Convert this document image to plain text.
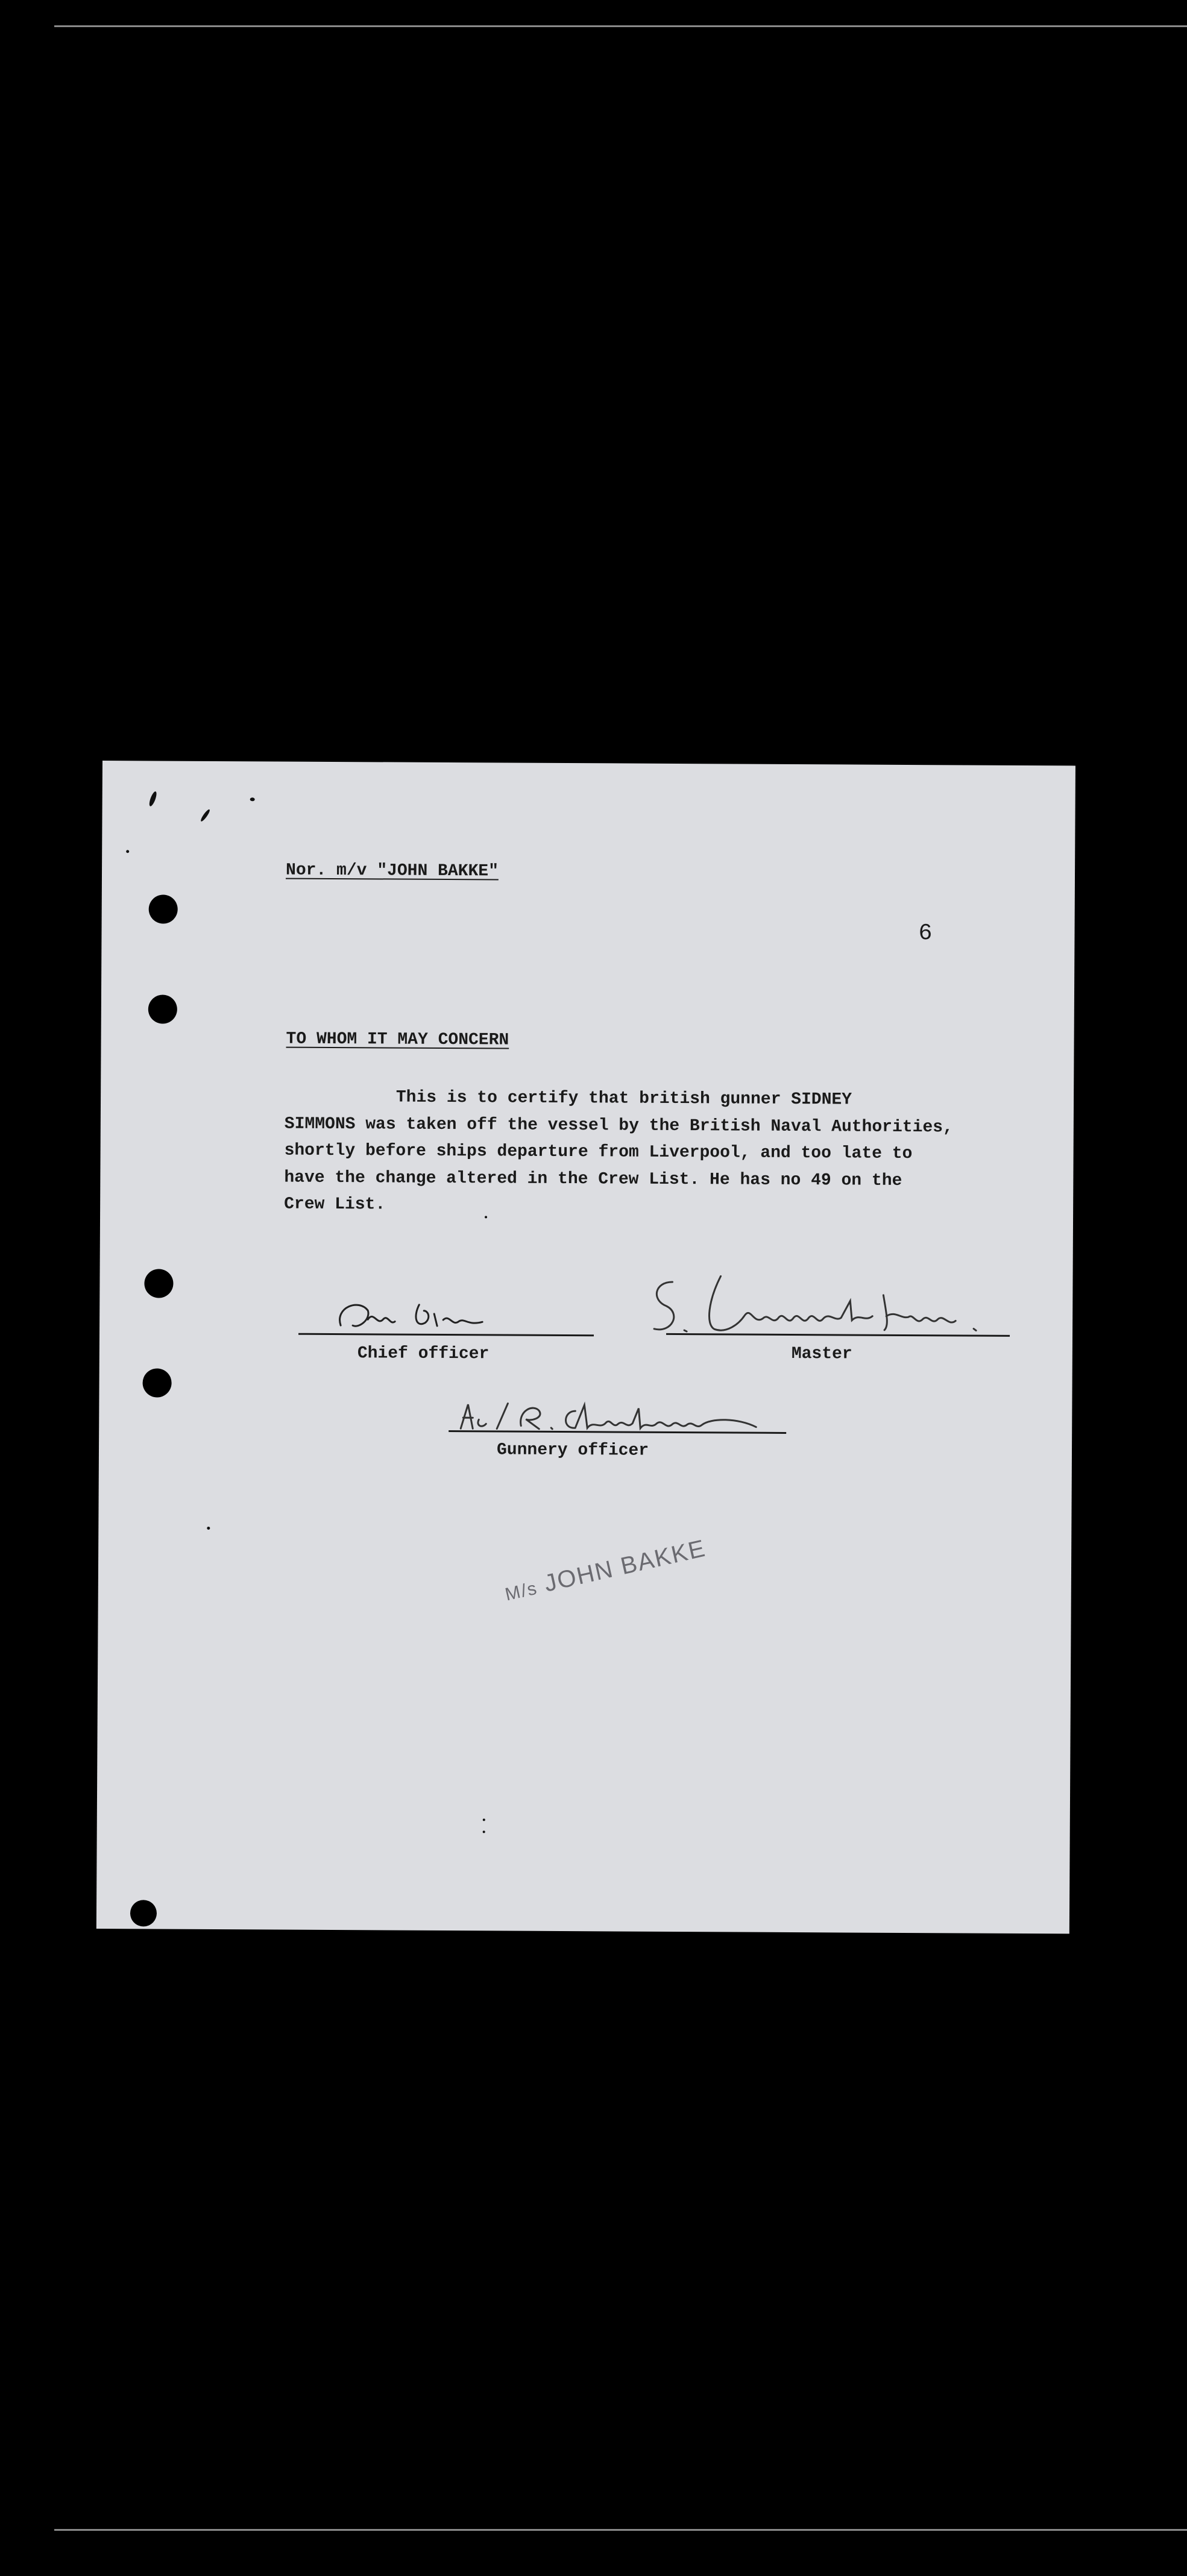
Nor. m/v "JOHN BAKKE"
6
TO WHOM IT MAY CONCERN
This is to certify that british gunner SIDNEY
SIMMONS was taken off the vessel by the British Naval Authorities,
shortly before ships departure from Liverpool, and too late to
have the change altered in the Crew List. He has no 49 on the
Crew List.
Chief officer	Master
Gunnery officer
M/s JOHN BAKKE
